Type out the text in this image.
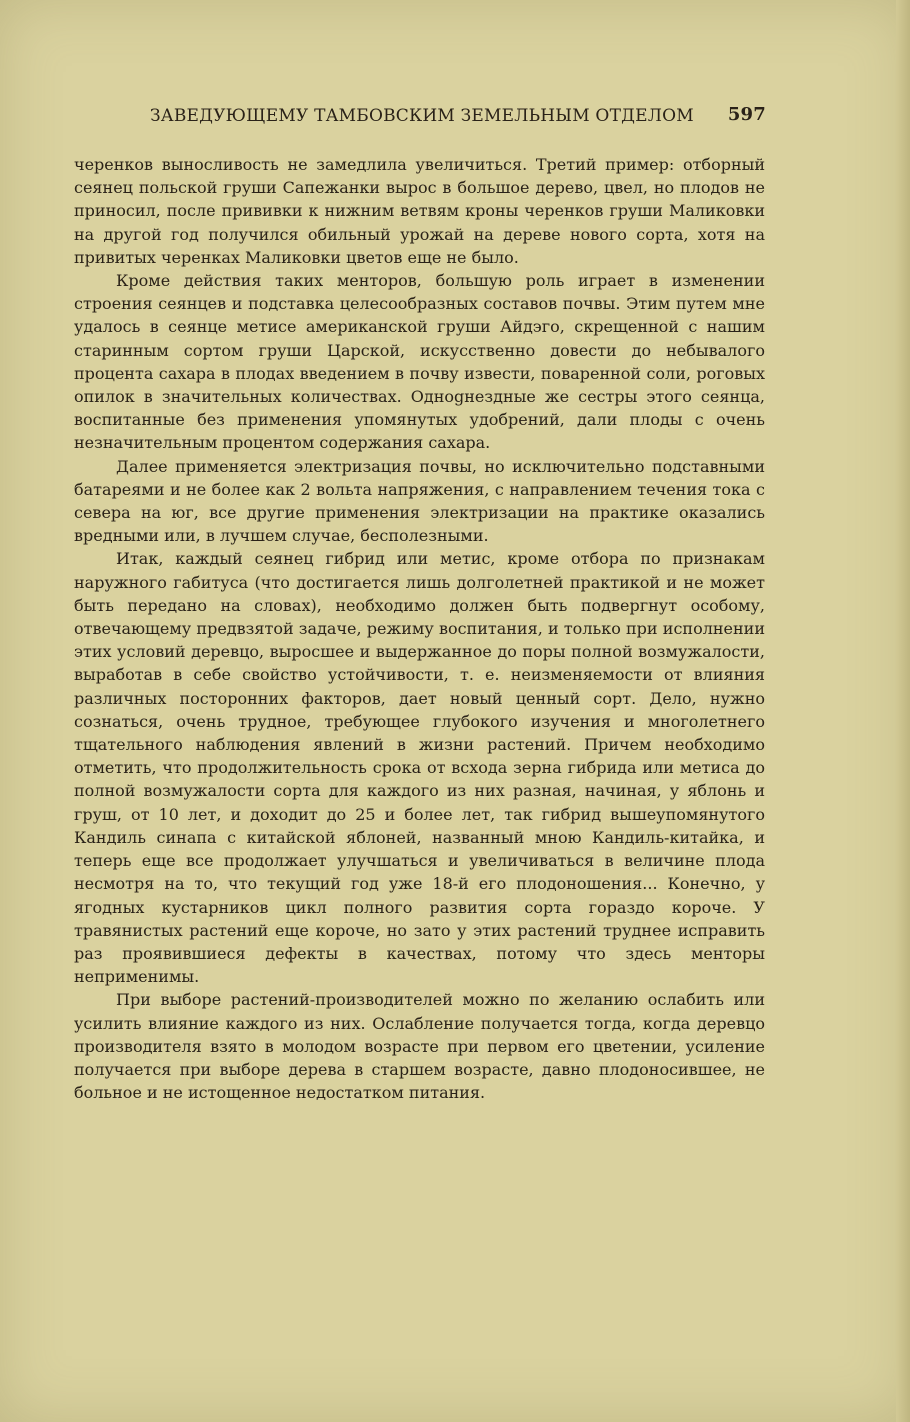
ЗАВЕДУЮЩЕМУ ТАМБОВСКИМ ЗЕМЕЛЬНЫМ ОТДЕЛОМ 597

черенков выносливость не замедлила увеличиться. Третий пример: отборный сеянец польской груши Сапежанки вырос в большое дерево, цвел, но плодов не приносил, после прививки к нижним ветвям кроны черенков груши Маликовки на другой год получился обильный урожай на дереве нового сорта, хотя на привитых черенках Маликовки цветов еще не было.

Кроме действия таких менторов, большую роль играет в изменении строения сеянцев и подставка целесообразных составов почвы. Этим путем мне удалось в сеянце метисе американской груши Айдэго, скрещенной с нашим старинным сортом груши Царской, искусственно довести до небывалого процента сахара в плодах введением в почву извести, поваренной соли, роговых опилок в значительных количествах. Однogнездные же сестры этого сеянца, воспитанные без применения упомянутых удобрений, дали плоды с очень незначительным процентом содержания сахара.

Далее применяется электризация почвы, но исключительно подставными батареями и не более как 2 вольта напряжения, с направлением течения тока с севера на юг, все другие применения электризации на практике оказались вредными или, в лучшем случае, бесполезными.

Итак, каждый сеянец гибрид или метис, кроме отбора по признакам наружного габитуса (что достигается лишь долголетней практикой и не может быть передано на словах), необходимо должен быть подвергнут особому, отвечающему предвзятой задаче, режиму воспитания, и только при исполнении этих условий деревцо, выросшее и выдержанное до поры полной возмужалости, выработав в себе свойство устойчивости, т. е. неизменяемости от влияния различных посторонних факторов, дает новый ценный сорт. Дело, нужно сознаться, очень трудное, требующее глубокого изучения и многолетнего тщательного наблюдения явлений в жизни растений. Причем необходимо отметить, что продолжительность срока от всхода зерна гибрида или метиса до полной возмужалости сорта для каждого из них разная, начиная, у яблонь и груш, от 10 лет, и доходит до 25 и более лет, так гибрид вышеупомянутого Кандиль синапа с китайской яблоней, названный мною Кандиль-китайка, и теперь еще все продолжает улучшаться и увеличиваться в величине плода несмотря на то, что текущий год уже 18-й его плодоношения... Конечно, у ягодных кустарников цикл полного развития сорта гораздо короче. У травянистых растений еще короче, но зато у этих растений труднее исправить раз проявившиеся дефекты в качествах, потому что здесь менторы неприменимы.

При выборе растений-производителей можно по желанию ослабить или усилить влияние каждого из них. Ослабление получается тогда, когда деревцо производителя взято в молодом возрасте при первом его цветении, усиление получается при выборе дерева в старшем возрасте, давно плодоносившее, не больное и не истощенное недостатком питания.
